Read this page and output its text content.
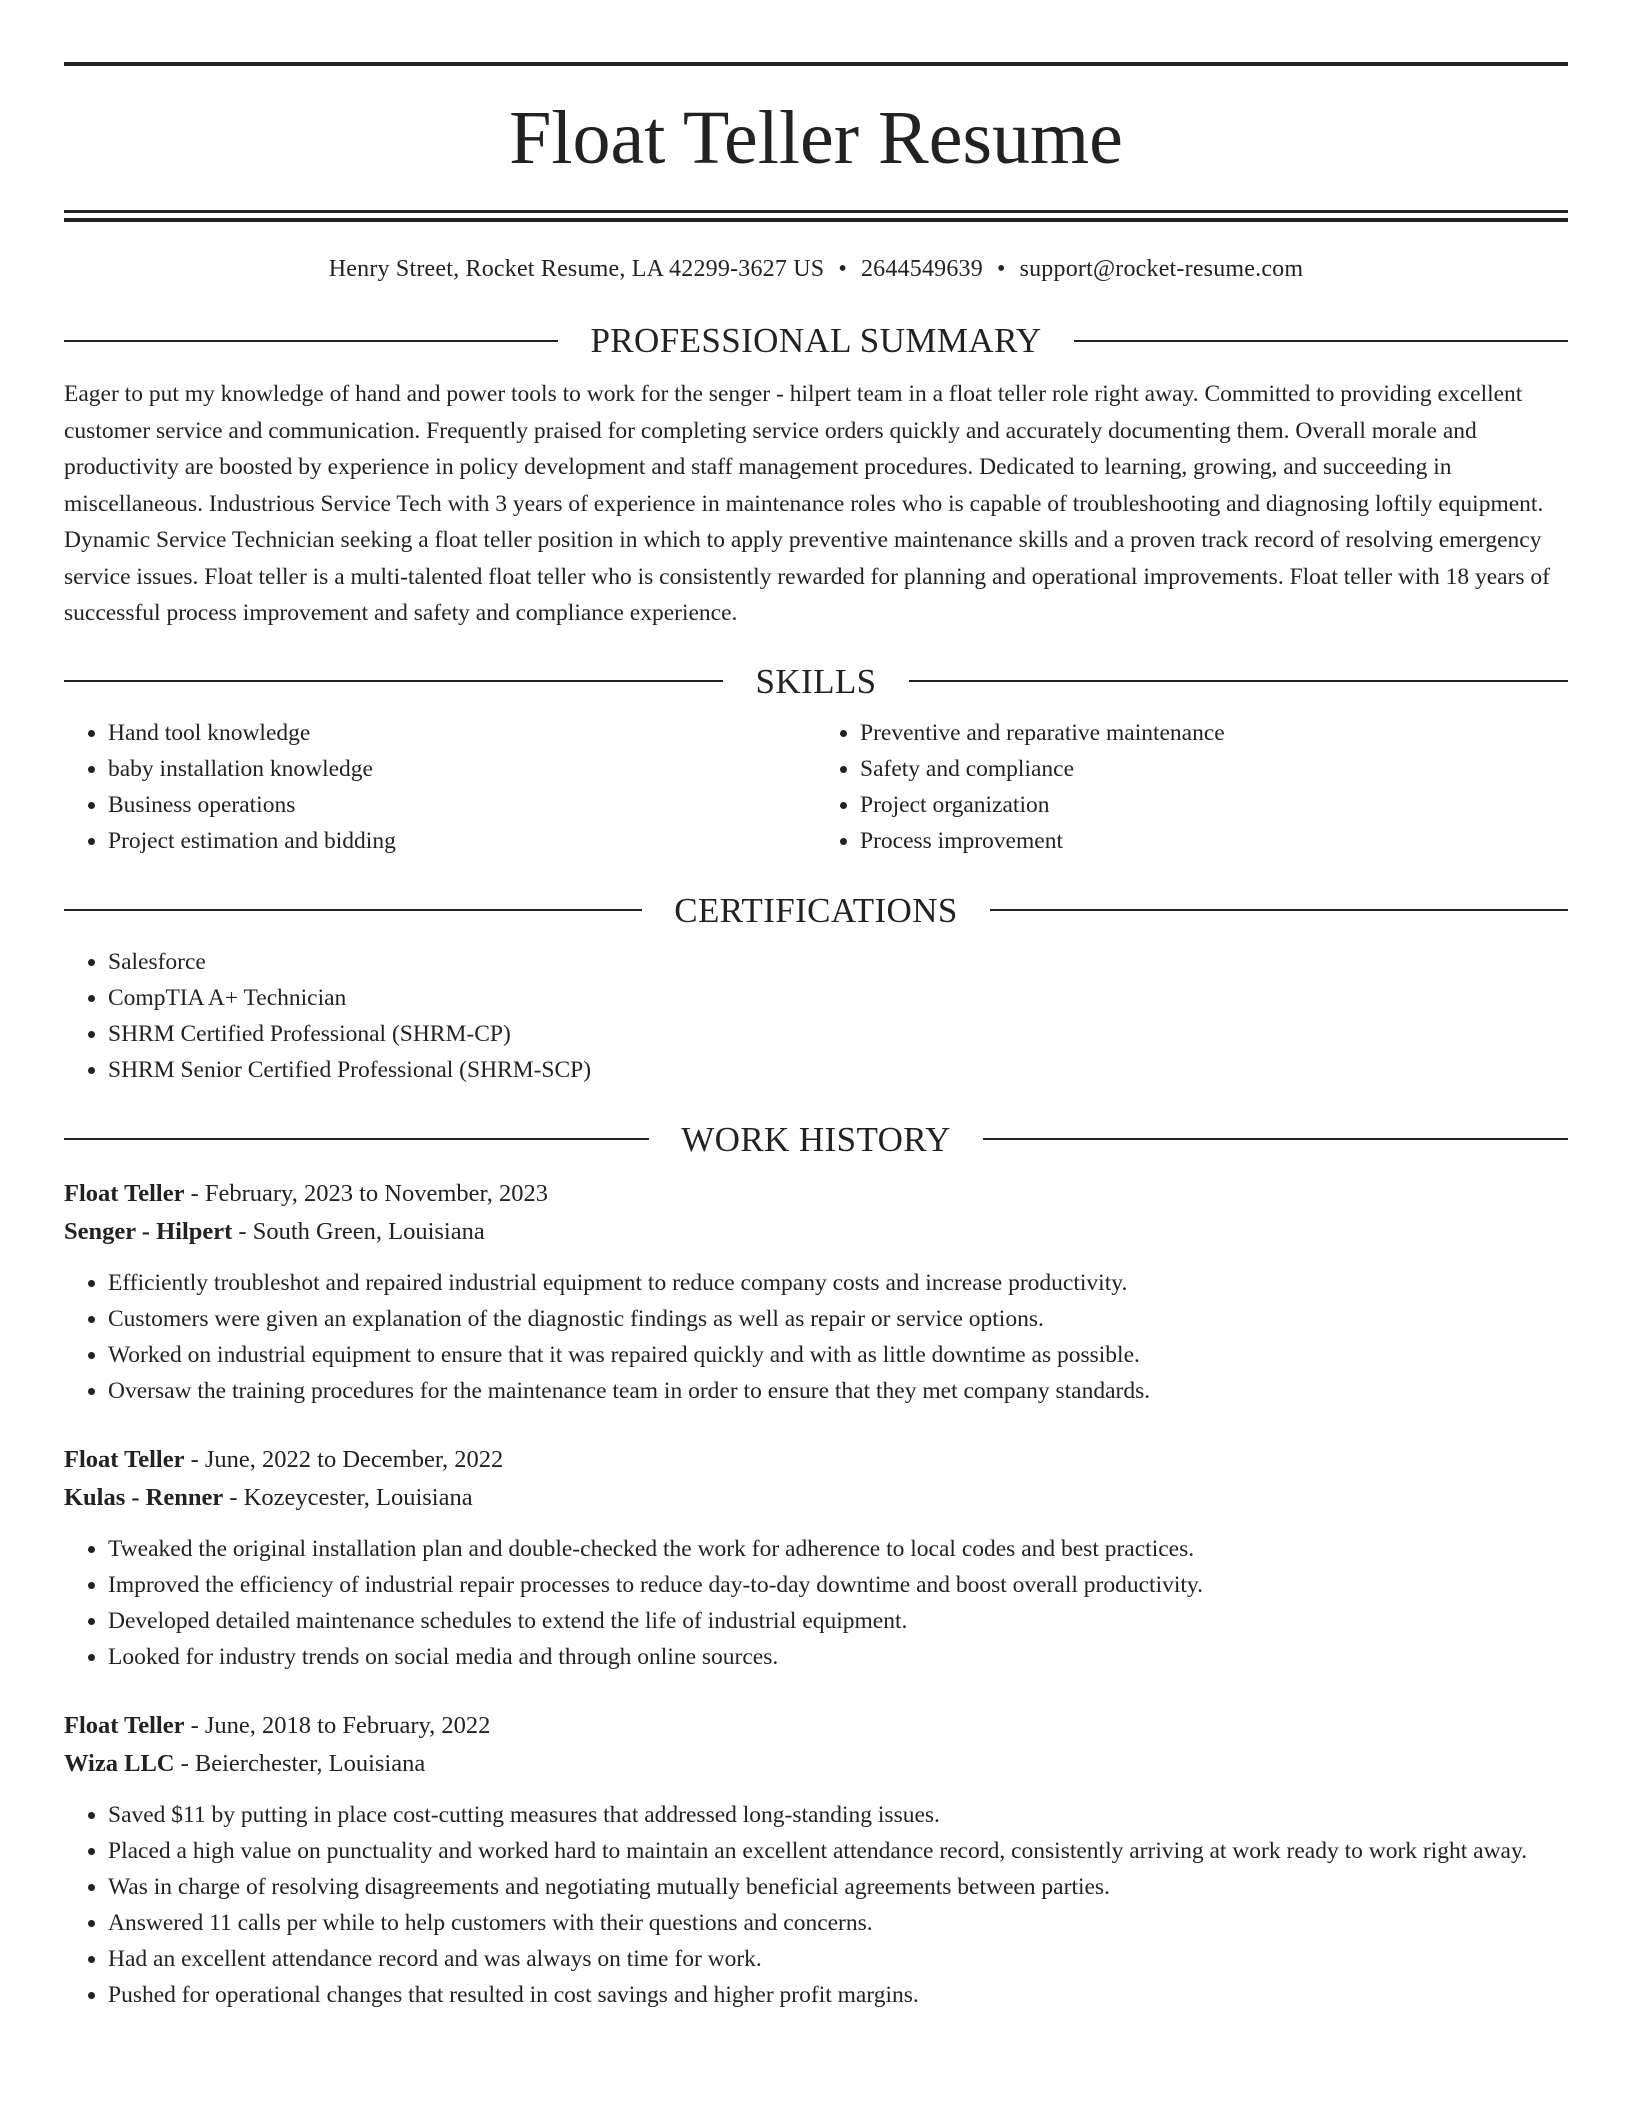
Float Teller Resume
Henry Street, Rocket Resume, LA 42299-3627 US • 2644549639 • support@rocket-resume.com
PROFESSIONAL SUMMARY
Eager to put my knowledge of hand and power tools to work for the senger - hilpert team in a float teller role right away. Committed to providing excellent customer service and communication. Frequently praised for completing service orders quickly and accurately documenting them. Overall morale and productivity are boosted by experience in policy development and staff management procedures. Dedicated to learning, growing, and succeeding in miscellaneous. Industrious Service Tech with 3 years of experience in maintenance roles who is capable of troubleshooting and diagnosing loftily equipment. Dynamic Service Technician seeking a float teller position in which to apply preventive maintenance skills and a proven track record of resolving emergency service issues. Float teller is a multi-talented float teller who is consistently rewarded for planning and operational improvements. Float teller with 18 years of successful process improvement and safety and compliance experience.
SKILLS
• Hand tool knowledge
• baby installation knowledge
• Business operations
• Project estimation and bidding
• Preventive and reparative maintenance
• Safety and compliance
• Project organization
• Process improvement
CERTIFICATIONS
• Salesforce
• CompTIA A+ Technician
• SHRM Certified Professional (SHRM-CP)
• SHRM Senior Certified Professional (SHRM-SCP)
WORK HISTORY
Float Teller - February, 2023 to November, 2023
Senger - Hilpert - South Green, Louisiana
• Efficiently troubleshot and repaired industrial equipment to reduce company costs and increase productivity.
• Customers were given an explanation of the diagnostic findings as well as repair or service options.
• Worked on industrial equipment to ensure that it was repaired quickly and with as little downtime as possible.
• Oversaw the training procedures for the maintenance team in order to ensure that they met company standards.
Float Teller - June, 2022 to December, 2022
Kulas - Renner - Kozeycester, Louisiana
• Tweaked the original installation plan and double-checked the work for adherence to local codes and best practices.
• Improved the efficiency of industrial repair processes to reduce day-to-day downtime and boost overall productivity.
• Developed detailed maintenance schedules to extend the life of industrial equipment.
• Looked for industry trends on social media and through online sources.
Float Teller - June, 2018 to February, 2022
Wiza LLC - Beierchester, Louisiana
• Saved $11 by putting in place cost-cutting measures that addressed long-standing issues.
• Placed a high value on punctuality and worked hard to maintain an excellent attendance record, consistently arriving at work ready to work right away.
• Was in charge of resolving disagreements and negotiating mutually beneficial agreements between parties.
• Answered 11 calls per while to help customers with their questions and concerns.
• Had an excellent attendance record and was always on time for work.
• Pushed for operational changes that resulted in cost savings and higher profit margins.
